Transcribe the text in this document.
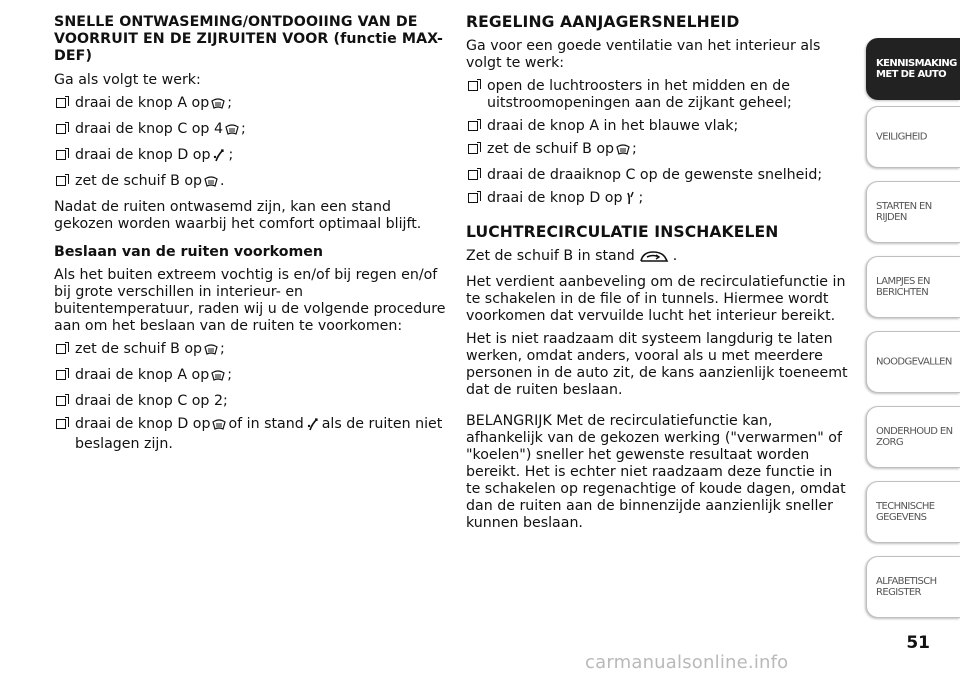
SNELLE ONTWASEMING/ONTDOOIING VAN DE VOORRUIT EN DE ZIJRUITEN VOOR (functie MAX-DEF)

Ga als volgt te werk:

draai de knop A op ;
draai de knop C op 4 ;
draai de knop D op ;
zet de schuif B op .

Nadat de ruiten ontwasemd zijn, kan een stand gekozen worden waarbij het comfort optimaal blijft.

Beslaan van de ruiten voorkomen

Als het buiten extreem vochtig is en/of bij regen en/of bij grote verschillen in interieur- en buitentemperatuur, raden wij u de volgende procedure aan om het beslaan van de ruiten te voorkomen:

zet de schuif B op ;
draai de knop A op ;
draai de knop C op 2;
draai de knop D op of in stand als de ruiten niet beslagen zijn.
REGELING AANJAGERSNELHEID

Ga voor een goede ventilatie van het interieur als volgt te werk:

open de luchtroosters in het midden en de uitstroomopeningen aan de zijkant geheel;
draai de knop A in het blauwe vlak;
zet de schuif B op ;
draai de draaiknop C op de gewenste snelheid;
draai de knop D op ;
LUCHTRECIRCULATIE INSCHAKELEN

Zet de schuif B in stand	.

Het verdient aanbeveling om de recirculatiefunctie in te schakelen in de file of in tunnels. Hiermee wordt voorkomen dat vervuilde lucht het interieur bereikt.

Het is niet raadzaam dit systeem langdurig te laten werken, omdat anders, vooral als u met meerdere personen in de auto zit, de kans aanzienlijk toeneemt dat de ruiten beslaan.

BELANGRIJK Met de recirculatiefunctie kan, afhankelijk van de gekozen werking ("verwarmen" of "koelen") sneller het gewenste resultaat worden bereikt. Het is echter niet raadzaam deze functie in te schakelen op regenachtige of koude dagen, omdat dan de ruiten aan de binnenzijde aanzienlijk sneller kunnen beslaan.

KENNISMAKING
MET DE AUTO
VEILIGHEID
STARTEN EN RIJDEN
LAMPJES EN
BERICHTEN
NOODGEVALLEN
ONDERHOUD EN
ZORG
TECHNISCHE
GEGEVENS
ALFABETISCH
REGISTER
51
carmanualsonline.info
